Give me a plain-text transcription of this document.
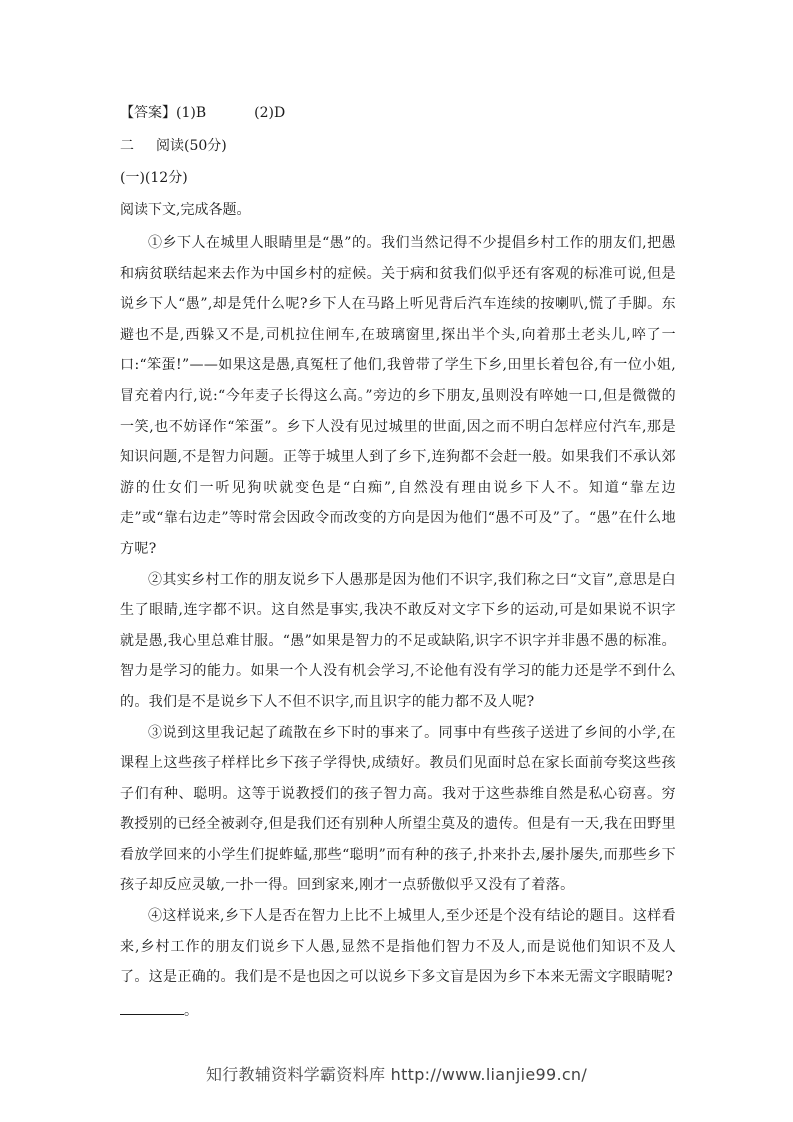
【答案】(1)B	(2)D
二 阅读(50分)
(一)(12分)
阅读下文,完成各题。

①乡下人在城里人眼睛里是“愚”的。我们当然记得不少提倡乡村工作的朋友们,把愚和病贫联结起来去作为中国乡村的症候。关于病和贫我们似乎还有客观的标准可说,但是说乡下人“愚”,却是凭什么呢?乡下人在马路上听见背后汽车连续的按喇叭,慌了手脚。东避也不是,西躲又不是,司机拉住闸车,在玻璃窗里,探出半个头,向着那土老头儿,啐了一口:“笨蛋!”——如果这是愚,真冤枉了他们,我曾带了学生下乡,田里长着包谷,有一位小姐,冒充着内行,说:“今年麦子长得这么高。”旁边的乡下朋友,虽则没有啐她一口,但是微微的一笑,也不妨译作“笨蛋”。乡下人没有见过城里的世面,因之而不明白怎样应付汽车,那是知识问题,不是智力问题。正等于城里人到了乡下,连狗都不会赶一般。如果我们不承认郊游的仕女们一听见狗吠就变色是“白痴”,自然没有理由说乡下人不。知道“靠左边走”或“靠右边走”等时常会因政令而改变的方向是因为他们“愚不可及”了。“愚”在什么地方呢?

②其实乡村工作的朋友说乡下人愚那是因为他们不识字,我们称之曰“文盲”,意思是白生了眼睛,连字都不识。这自然是事实,我决不敢反对文字下乡的运动,可是如果说不识字就是愚,我心里总难甘服。“愚”如果是智力的不足或缺陷,识字不识字并非愚不愚的标准。智力是学习的能力。如果一个人没有机会学习,不论他有没有学习的能力还是学不到什么的。我们是不是说乡下人不但不识字,而且识字的能力都不及人呢?

③说到这里我记起了疏散在乡下时的事来了。同事中有些孩子送进了乡间的小学,在课程上这些孩子样样比乡下孩子学得快,成绩好。教员们见面时总在家长面前夸奖这些孩子们有种、聪明。这等于说教授们的孩子智力高。我对于这些恭维自然是私心窃喜。穷教授别的已经全被剥夺,但是我们还有别种人所望尘莫及的遗传。但是有一天,我在田野里看放学回来的小学生们捉蚱蜢,那些“聪明”而有种的孩子,扑来扑去,屡扑屡失,而那些乡下孩子却反应灵敏,一扑一得。回到家来,刚才一点骄傲似乎又没有了着落。

④这样说来,乡下人是否在智力上比不上城里人,至少还是个没有结论的题目。这样看来,乡村工作的朋友们说乡下人愚,显然不是指他们智力不及人,而是说他们知识不及人了。这是正确的。我们是不是也因之可以说乡下多文盲是因为乡下本来无需文字眼睛呢?

。
知行教辅资料学霸资料库 http://www.lianjie99.cn/
